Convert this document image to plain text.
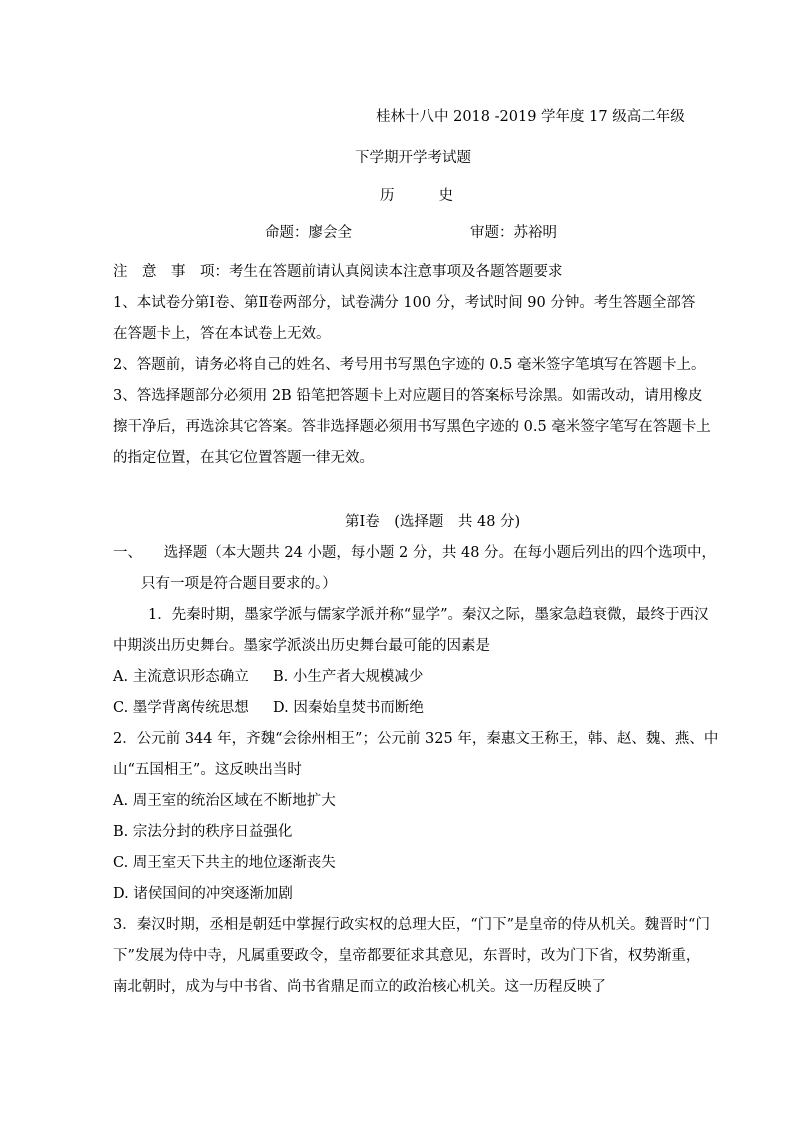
桂林十八中 2018 -2019 学年度 17 级高二年级
下学期开学考试题
历	史
命题：廖会全	审题：苏裕明
注　意　事　项：考生在答题前请认真阅读本注意事项及各题答题要求
1、本试卷分第Ⅰ卷、第Ⅱ卷两部分，试卷满分 100 分，考试时间 90 分钟。考生答题全部答
在答题卡上，答在本试卷上无效。
2、答题前，请务必将自己的姓名、考号用书写黑色字迹的 0.5 毫米签字笔填写在答题卡上。
3、答选择题部分必须用 2B 铅笔把答题卡上对应题目的答案标号涂黑。如需改动，请用橡皮
擦干净后，再选涂其它答案。答非选择题必须用书写黑色字迹的 0.5 毫米签字笔写在答题卡上
的指定位置，在其它位置答题一律无效。
第Ⅰ卷　(选择题　共 48 分)
一、　　选择题（本大题共 24 小题，每小题 2 分，共 48 分。在每小题后列出的四个选项中，
只有一项是符合题目要求的。）
1．先秦时期，墨家学派与儒家学派并称“显学”。秦汉之际，墨家急趋衰微，最终于西汉
中期淡出历史舞台。墨家学派淡出历史舞台最可能的因素是
A. 主流意识形态确立 B. 小生产者大规模减少
C. 墨学背离传统思想 D. 因秦始皇焚书而断绝
2．公元前 344 年，齐魏“会徐州相王”；公元前 325 年，秦惠文王称王，韩、赵、魏、燕、中
山“五国相王”。这反映出当时
A. 周王室的统治区域在不断地扩大
B. 宗法分封的秩序日益强化
C. 周王室天下共主的地位逐渐丧失
D. 诸侯国间的冲突逐渐加剧
3．秦汉时期，丞相是朝廷中掌握行政实权的总理大臣，“门下”是皇帝的侍从机关。魏晋时“门
下”发展为侍中寺，凡属重要政令，皇帝都要征求其意见，东晋时，改为门下省，权势渐重，
南北朝时，成为与中书省、尚书省鼎足而立的政治核心机关。这一历程反映了
